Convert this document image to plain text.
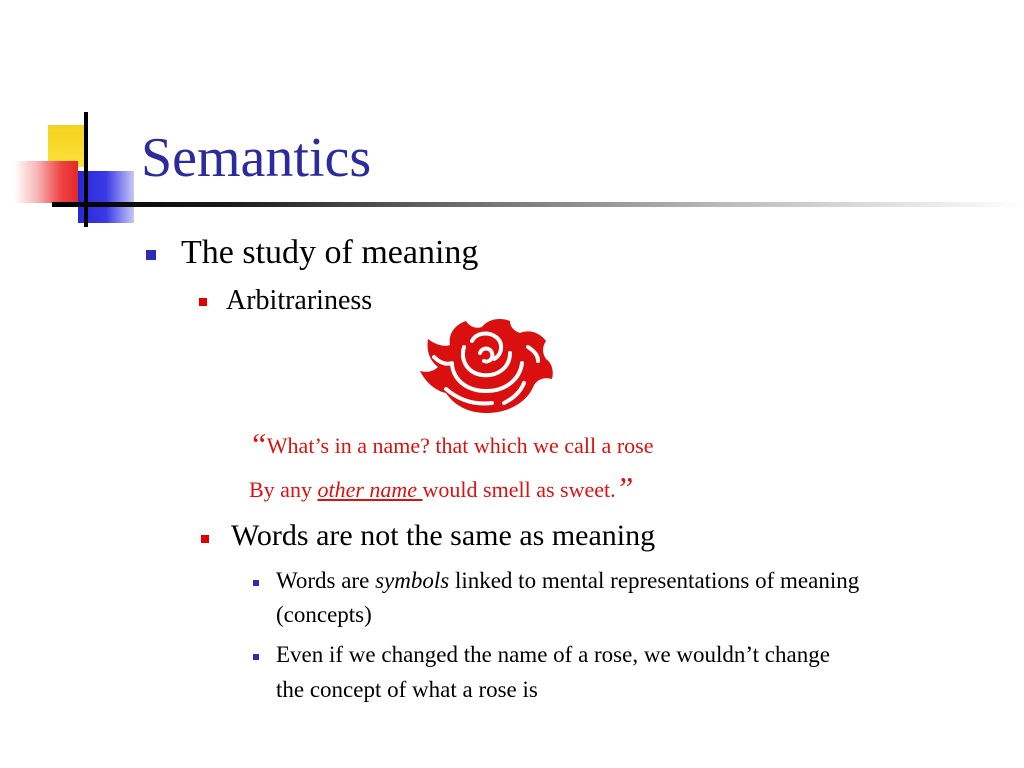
Semantics

The study of meaning

Arbitrariness

“What’s in a name? that which we call a rose

By any other name would smell as sweet.”

Words are not the same as meaning

Words are symbols linked to mental representations of meaning

(concepts)

Even if we changed the name of a rose, we wouldn’t change

the concept of what a rose is
